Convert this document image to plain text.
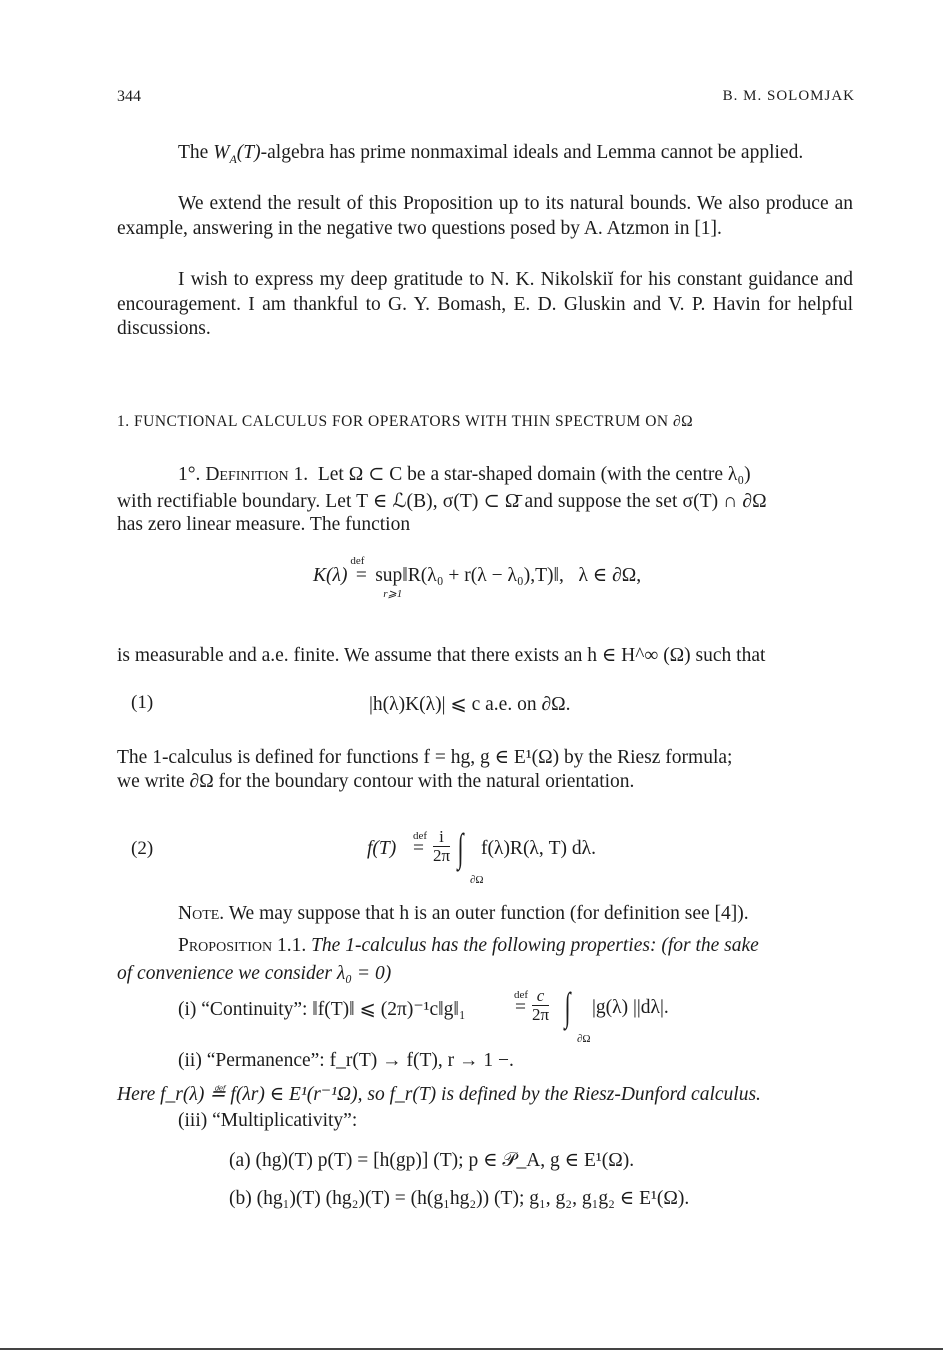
344	B. M. SOLOMJAK
The $W_A(T)$-algebra has prime nonmaximal ideals and Lemma cannot be applied.
We extend the result of this Proposition up to its natural bounds. We also produce an example, answering in the negative two questions posed by A. Atzmon in [1].
I wish to express my deep gratitude to N. K. Nikolskiĭ for his constant guidance and encouragement. I am thankful to G. Y. Bomash, E. D. Gluskin and V. P. Havin for helpful discussions.
1. FUNCTIONAL CALCULUS FOR OPERATORS WITH THIN SPECTRUM ON ∂Ω
1°. Definition 1. Let Ω ⊂ C be a star-shaped domain (with the centre λ₀)
with rectifiable boundary. Let T ∈ ℒ(B), σ(T) ⊂ Ω̄ and suppose the set σ(T) ∩ ∂Ω
has zero linear measure. The function
K(λ)
def
= sup‖R(λ₀ + r(λ − λ₀),T)‖,
r⩾1
λ ∈ ∂Ω,
is measurable and a.e. finite. We assume that there exists an h ∈ H^∞ (Ω) such that
(1)	|h(λ)K(λ)| ⩽ c a.e. on ∂Ω.
The 1-calculus is defined for functions f = hg, g ∈ E¹(Ω) by the Riesz formula;
we write ∂Ω for the boundary contour with the natural orientation.
(2)	f(T)
def
= $\frac{i}{2\pi}$ ∫
∂Ω
f(λ)R(λ, T) dλ.
Note. We may suppose that h is an outer function (for definition see [4]).
Proposition 1.1. The 1-calculus has the following properties: (for the sake
of convenience we consider λ₀ = 0)
(i) “Continuity”: ‖f(T)‖ ⩽ (2π)⁻¹c‖g‖₁
def
= $\frac{c}{2\pi}$ ∫
∂Ω
|g(λ) ||dλ|.
(ii) “Permanence”: f_r(T) → f(T), r → 1 −.
Here f_r(λ) ≝ f(λr) ∈ E¹(r⁻¹Ω), so f_r(T) is defined by the Riesz-Dunford calculus.
(iii) “Multiplicativity”:
(a) (hg)(T) p(T) = [h(gp)] (T); p ∈ 𝒫_A, g ∈ E¹(Ω).
(b) (hg₁)(T) (hg₂)(T) = (h(g₁hg₂)) (T); g₁, g₂, g₁g₂ ∈ E¹(Ω).
